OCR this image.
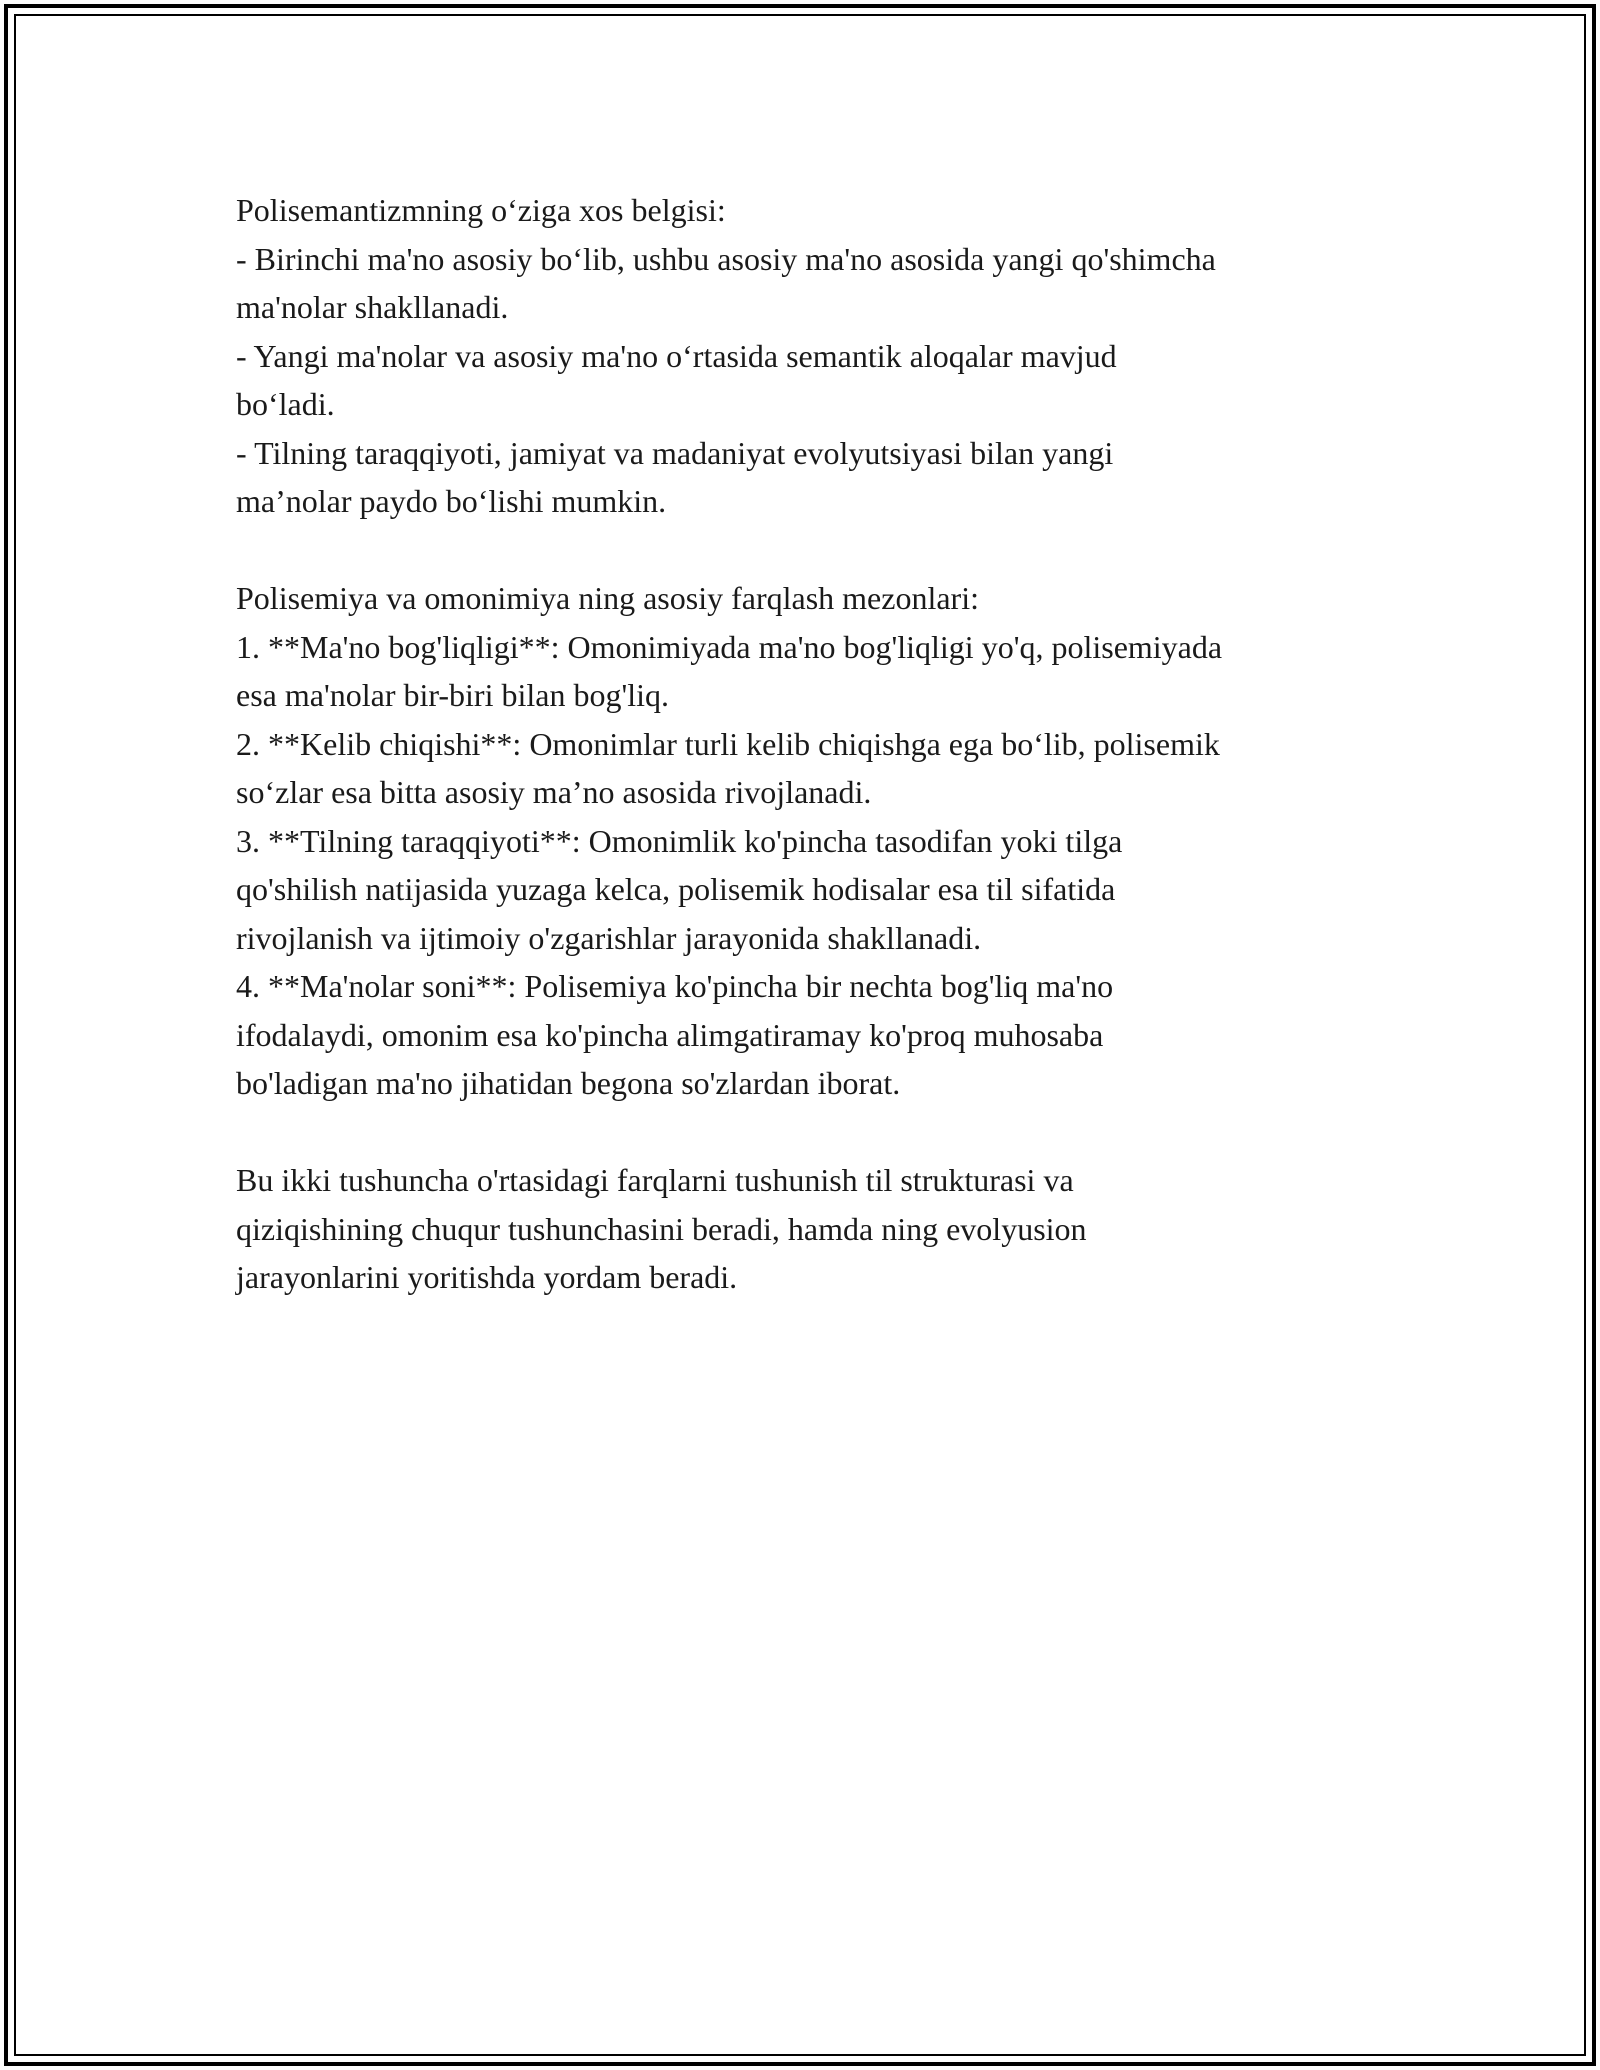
Polisemantizmning o‘ziga xos belgisi:
- Birinchi ma'no asosiy bo‘lib, ushbu asosiy ma'no asosida yangi qo'shimcha
ma'nolar shakllanadi.
- Yangi ma'nolar va asosiy ma'no o‘rtasida semantik aloqalar mavjud
bo‘ladi.
- Tilning taraqqiyoti, jamiyat va madaniyat evolyutsiyasi bilan yangi
ma’nolar paydo bo‘lishi mumkin.
Polisemiya va omonimiya ning asosiy farqlash mezonlari:
1. **Ma'no bog'liqligi**: Omonimiyada ma'no bog'liqligi yo'q, polisemiyada
esa ma'nolar bir-biri bilan bog'liq.
2. **Kelib chiqishi**: Omonimlar turli kelib chiqishga ega bo‘lib, polisemik
so‘zlar esa bitta asosiy ma’no asosida rivojlanadi.
3. **Tilning taraqqiyoti**: Omonimlik ko'pincha tasodifan yoki tilga
qo'shilish natijasida yuzaga kelca, polisemik hodisalar esa til sifatida
rivojlanish va ijtimoiy o'zgarishlar jarayonida shakllanadi.
4. **Ma'nolar soni**: Polisemiya ko'pincha bir nechta bog'liq ma'no
ifodalaydi, omonim esa ko'pincha alimgatiramay ko'proq muhosaba
bo'ladigan ma'no jihatidan begona so'zlardan iborat.
Bu ikki tushuncha o'rtasidagi farqlarni tushunish til strukturasi va
qiziqishining chuqur tushunchasini beradi, hamda ning evolyusion
jarayonlarini yoritishda yordam beradi.
